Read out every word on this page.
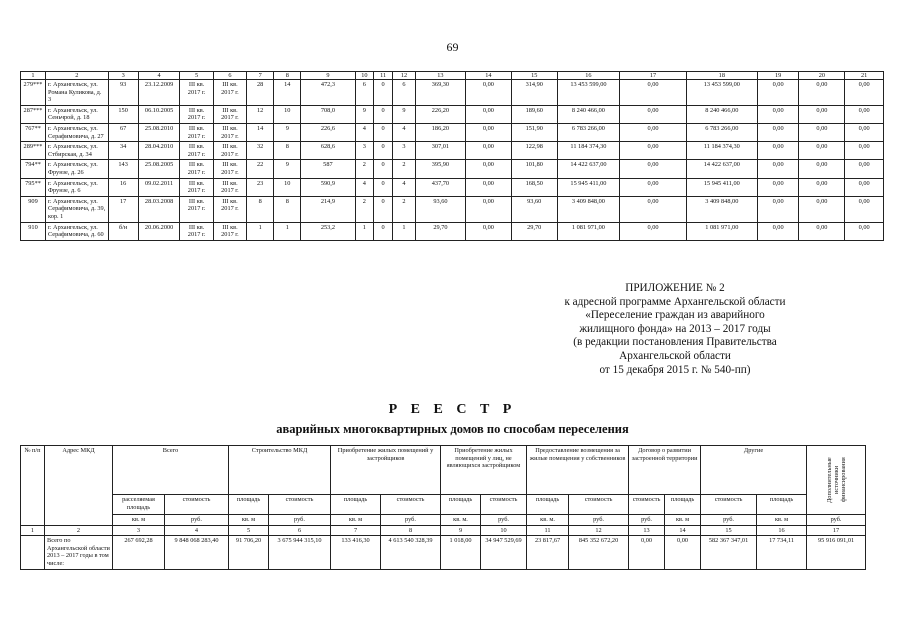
69
1	2	3	4	5	6	7	8	9	10	11	12	13	14	15	16	17	18	19	20	21
279***	г. Архангельск, ул. Романа Куликова, д. 3	93	23.12.2009	III кв. 2017 г.	III кв. 2017 г.	28	14	472,3	6	0	6	369,30	0,00	314,90	13 453 599,00	0,00	13 453 599,00	0,00	0,00	0,00
287***	г. Архангельск, ул. Сеньчрой, д. 18	150	06.10.2005	III кв. 2017 г.	III кв. 2017 г.	12	10	708,0	9	0	9	226,20	0,00	189,60	8 240 466,00	0,00	8 240 466,00	0,00	0,00	0,00
767**	г. Архангельск, ул. Серафимовича, д. 27	67	25.08.2010	III кв. 2017 г.	III кв. 2017 г.	14	9	226,6	4	0	4	186,20	0,00	151,90	6 783 266,00	0,00	6 783 266,00	0,00	0,00	0,00
289***	г. Архангельск, ул. Стбирская, д. 34	34	28.04.2010	III кв. 2017 г.	III кв. 2017 г.	32	8	628,6	3	0	3	307,01	0,00	122,98	11 184 374,30	0,00	11 184 374,30	0,00	0,00	0,00
794**	г. Архангельск, ул. Фрунзе, д. 26	143	25.08.2005	III кв. 2017 г.	III кв. 2017 г.	22	9	587	2	0	2	395,90	0,00	101,80	14 422 637,00	0,00	14 422 637,00	0,00	0,00	0,00
795**	г. Архангельск, ул. Фрунзе, д. 6	16	09.02.2011	III кв. 2017 г.	III кв. 2017 г.	23	10	590,9	4	0	4	437,70	0,00	168,50	15 945 411,00	0,00	15 945 411,00	0,00	0,00	0,00
909	г. Архангельск, ул. Серафимовича, д. 39, кор. 1	17	28.03.2008	III кв. 2017 г.	III кв. 2017 г.	8	8	214,9	2	0	2	93,60	0,00	93,60	3 409 848,00	0,00	3 409 848,00	0,00	0,00	0,00
910	г. Архангельск, ул. Серафимовича, д. 60	б/н	20.06.2000	III кв. 2017 г.	III кв. 2017 г.	1	1	253,2	1	0	1	29,70	0,00	29,70	1 081 971,00	0,00	1 081 971,00	0,00	0,00	0,00
ПРИЛОЖЕНИЕ № 2
к адресной программе Архангельской области
«Переселение граждан из аварийного
жилищного фонда» на 2013 – 2017 годы
(в редакции постановления Правительства
Архангельской области
от 15 декабря 2015 г. № 540-пп)
Р Е Е С Т Р
аварийных многоквартирных домов по способам переселения
№ п/п	Адрес МКД	Всего		Строительство МКД		Приобретение жилых помещений у застройщиков		Приобретение жилых помещений у лиц, не являющихся застройщиком		Предоставление возмещения за жилые помещения у собственников		Договор о развитии застроенной территории		Другие		Дополнительные источники финансирования

		расселяемая площадь	стоимость	площадь	стоимость	площадь	стоимость	площадь	стоимость	площадь	стоимость	стоимость	площадь	стоимость	площадь	
		кв. м	руб.	кв. м	руб.	кв. м	руб.	кв. м.	руб.	кв. м.	руб.	руб.	кв. м	руб.	кв. м	руб.
1	2	3	4	5	6	7	8	9	10	11	12	13	14	15	16	17
	Всего по Архангельской области 2013 – 2017 годы в том числе:	267 692,28	9 848 068 283,40	91 706,20	3 675 944 315,10	133 416,30	4 613 540 328,39	1 018,00	34 947 529,69	23 817,67	845 352 672,20	0,00	0,00	582 367 347,01	17 734,11	95 916 091,01
